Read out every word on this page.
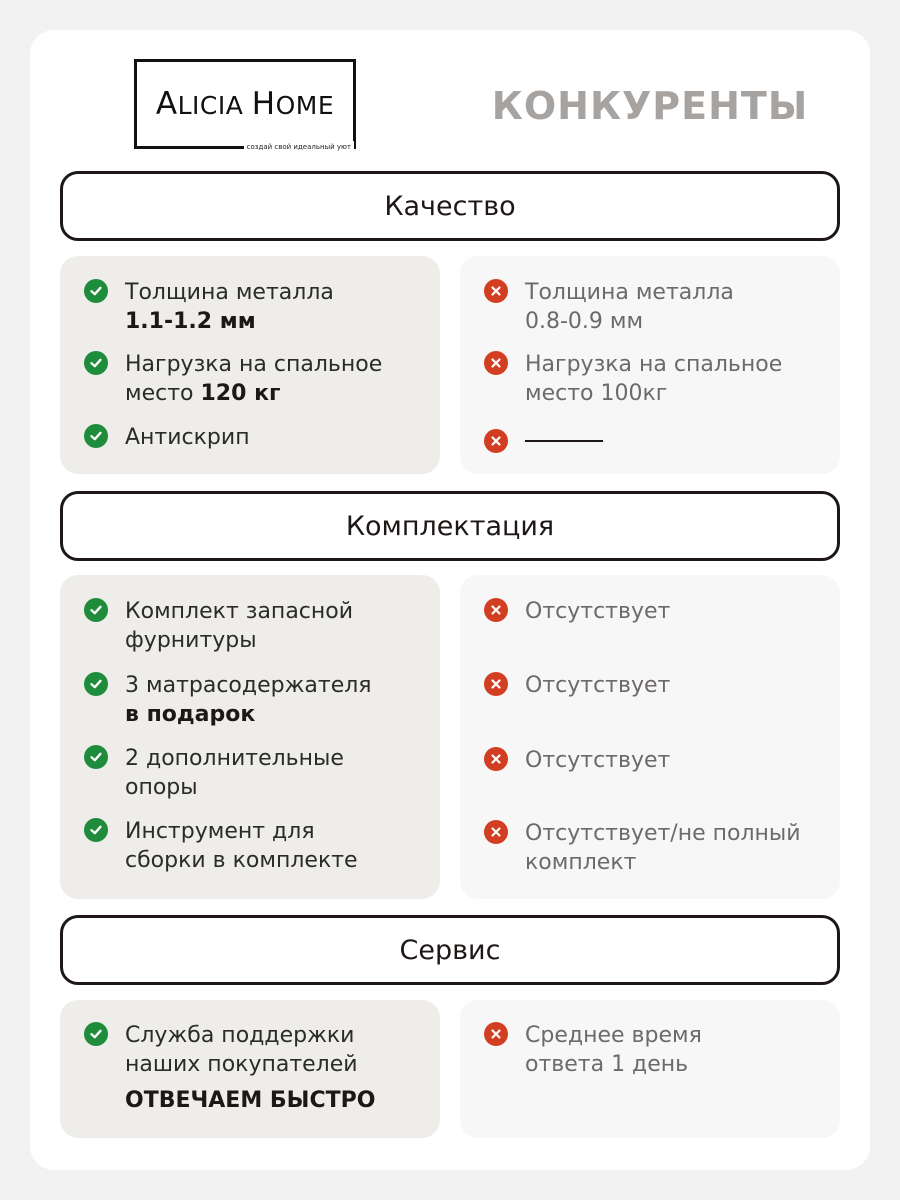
ALICIA HOME
создай свой идеальный уют
КОНКУРЕНТЫ
Качество
Толщина металла
1.1-1.2 мм
Нагрузка на спальное
место 120 кг
Антискрип
Толщина металла
0.8-0.9 мм
Нагрузка на спальное
место 100кг
Комплектация
Комплект запасной
фурнитуры
3 матрасодержателя
в подарок
2 дополнительные
опоры
Инструмент для
сборки в комплекте
Отсутствует
Отсутствует
Отсутствует
Отсутствует/не полный
комплект
Сервис
Служба поддержки
наших покупателей
ОТВЕЧАЕМ БЫСТРО
Среднее время
ответа 1 день
